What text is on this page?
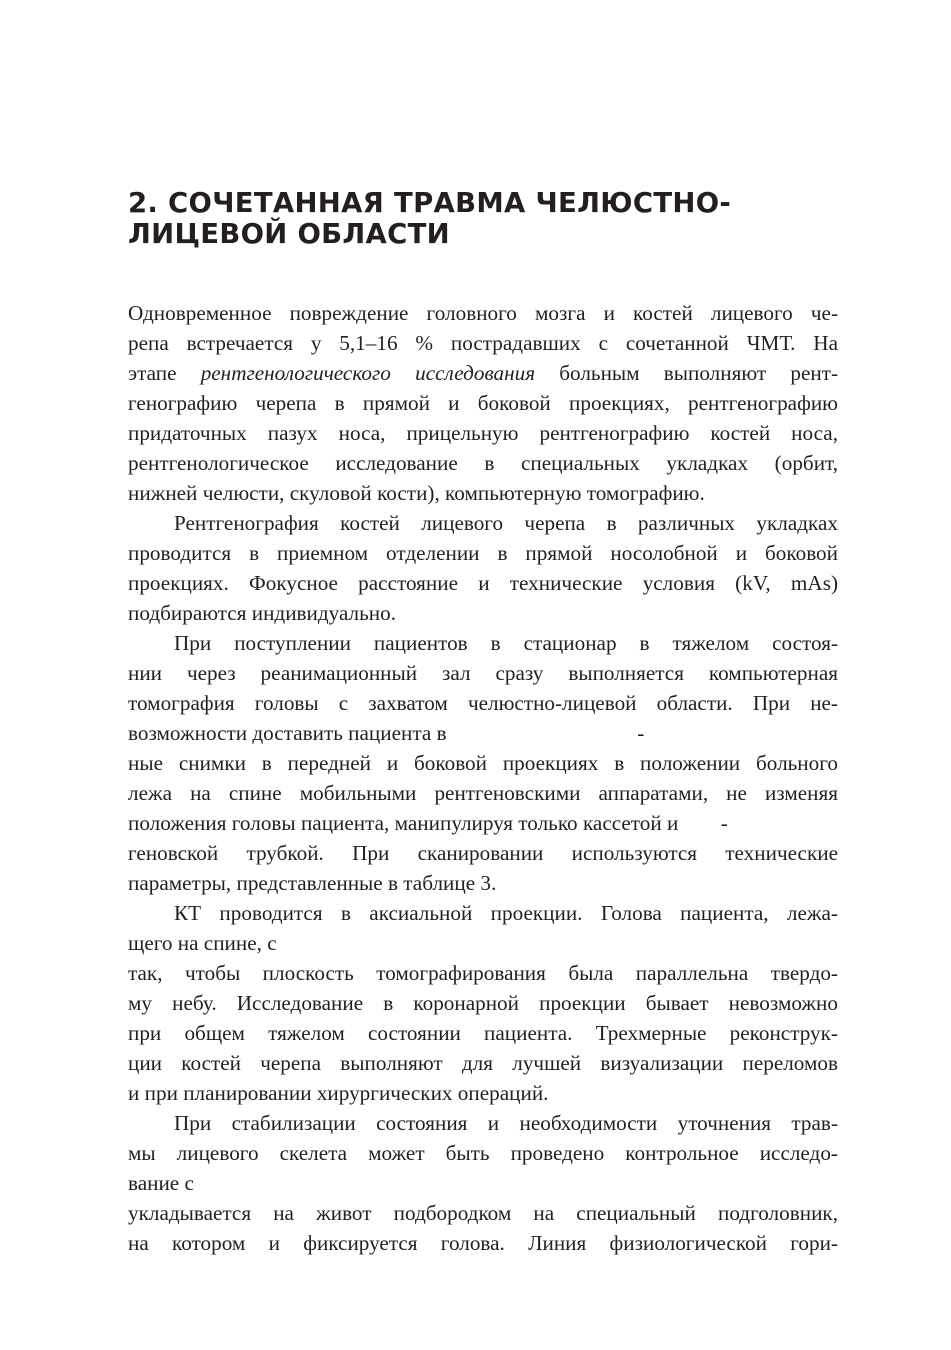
2. СОЧЕТАННАЯ ТРАВМА ЧЕЛЮСТНО-
ЛИЦЕВОЙ ОБЛАСТИ

Одновременное повреждение головного мозга и костей лицевого че-
репа встречается у 5,1–16 % пострадавших с сочетанной ЧМТ. На
этапе рентгенологического исследования больным выполняют рент-
генографию черепа в прямой и боковой проекциях, рентгенографию
придаточных пазух носа, прицельную рентгенографию костей носа,
рентгенологическое исследование в специальных укладках (орбит,
нижней челюсти, скуловой кости), компьютерную томографию.

Рентгенография костей лицевого черепа в различных укладках
проводится в приемном отделении в прямой носолобной и боковой
проекциях. Фокусное расстояние и технические условия (kV, mAs)
подбираются индивидуально.

При поступлении пациентов в стационар в тяжелом состоя-
нии через реанимационный зал сразу выполняется компьютерная
томография головы с захватом челюстно-лицевой области. При не-
возможности доставить пациента в                                    -
ные снимки в передней и боковой проекциях в положении больного
лежа на спине мобильными рентгеновскими аппаратами, не изменяя
положения головы пациента, манипулируя только кассетой и        -
геновской трубкой. При сканировании используются технические
параметры, представленные в таблице 3.

КТ проводится в аксиальной проекции. Голова пациента, лежа-
щего на спине, с
так, чтобы плоскость томографирования была параллельна твердо-
му небу. Исследование в коронарной проекции бывает невозможно
при общем тяжелом состоянии пациента. Трехмерные реконструк-
ции костей черепа выполняют для лучшей визуализации переломов
и при планировании хирургических операций.

При стабилизации состояния и необходимости уточнения трав-
мы лицевого скелета может быть проведено контрольное исследо-
вание с
укладывается на живот подбородком на специальный подголовник,
на котором и фиксируется голова. Линия физиологической гори-
